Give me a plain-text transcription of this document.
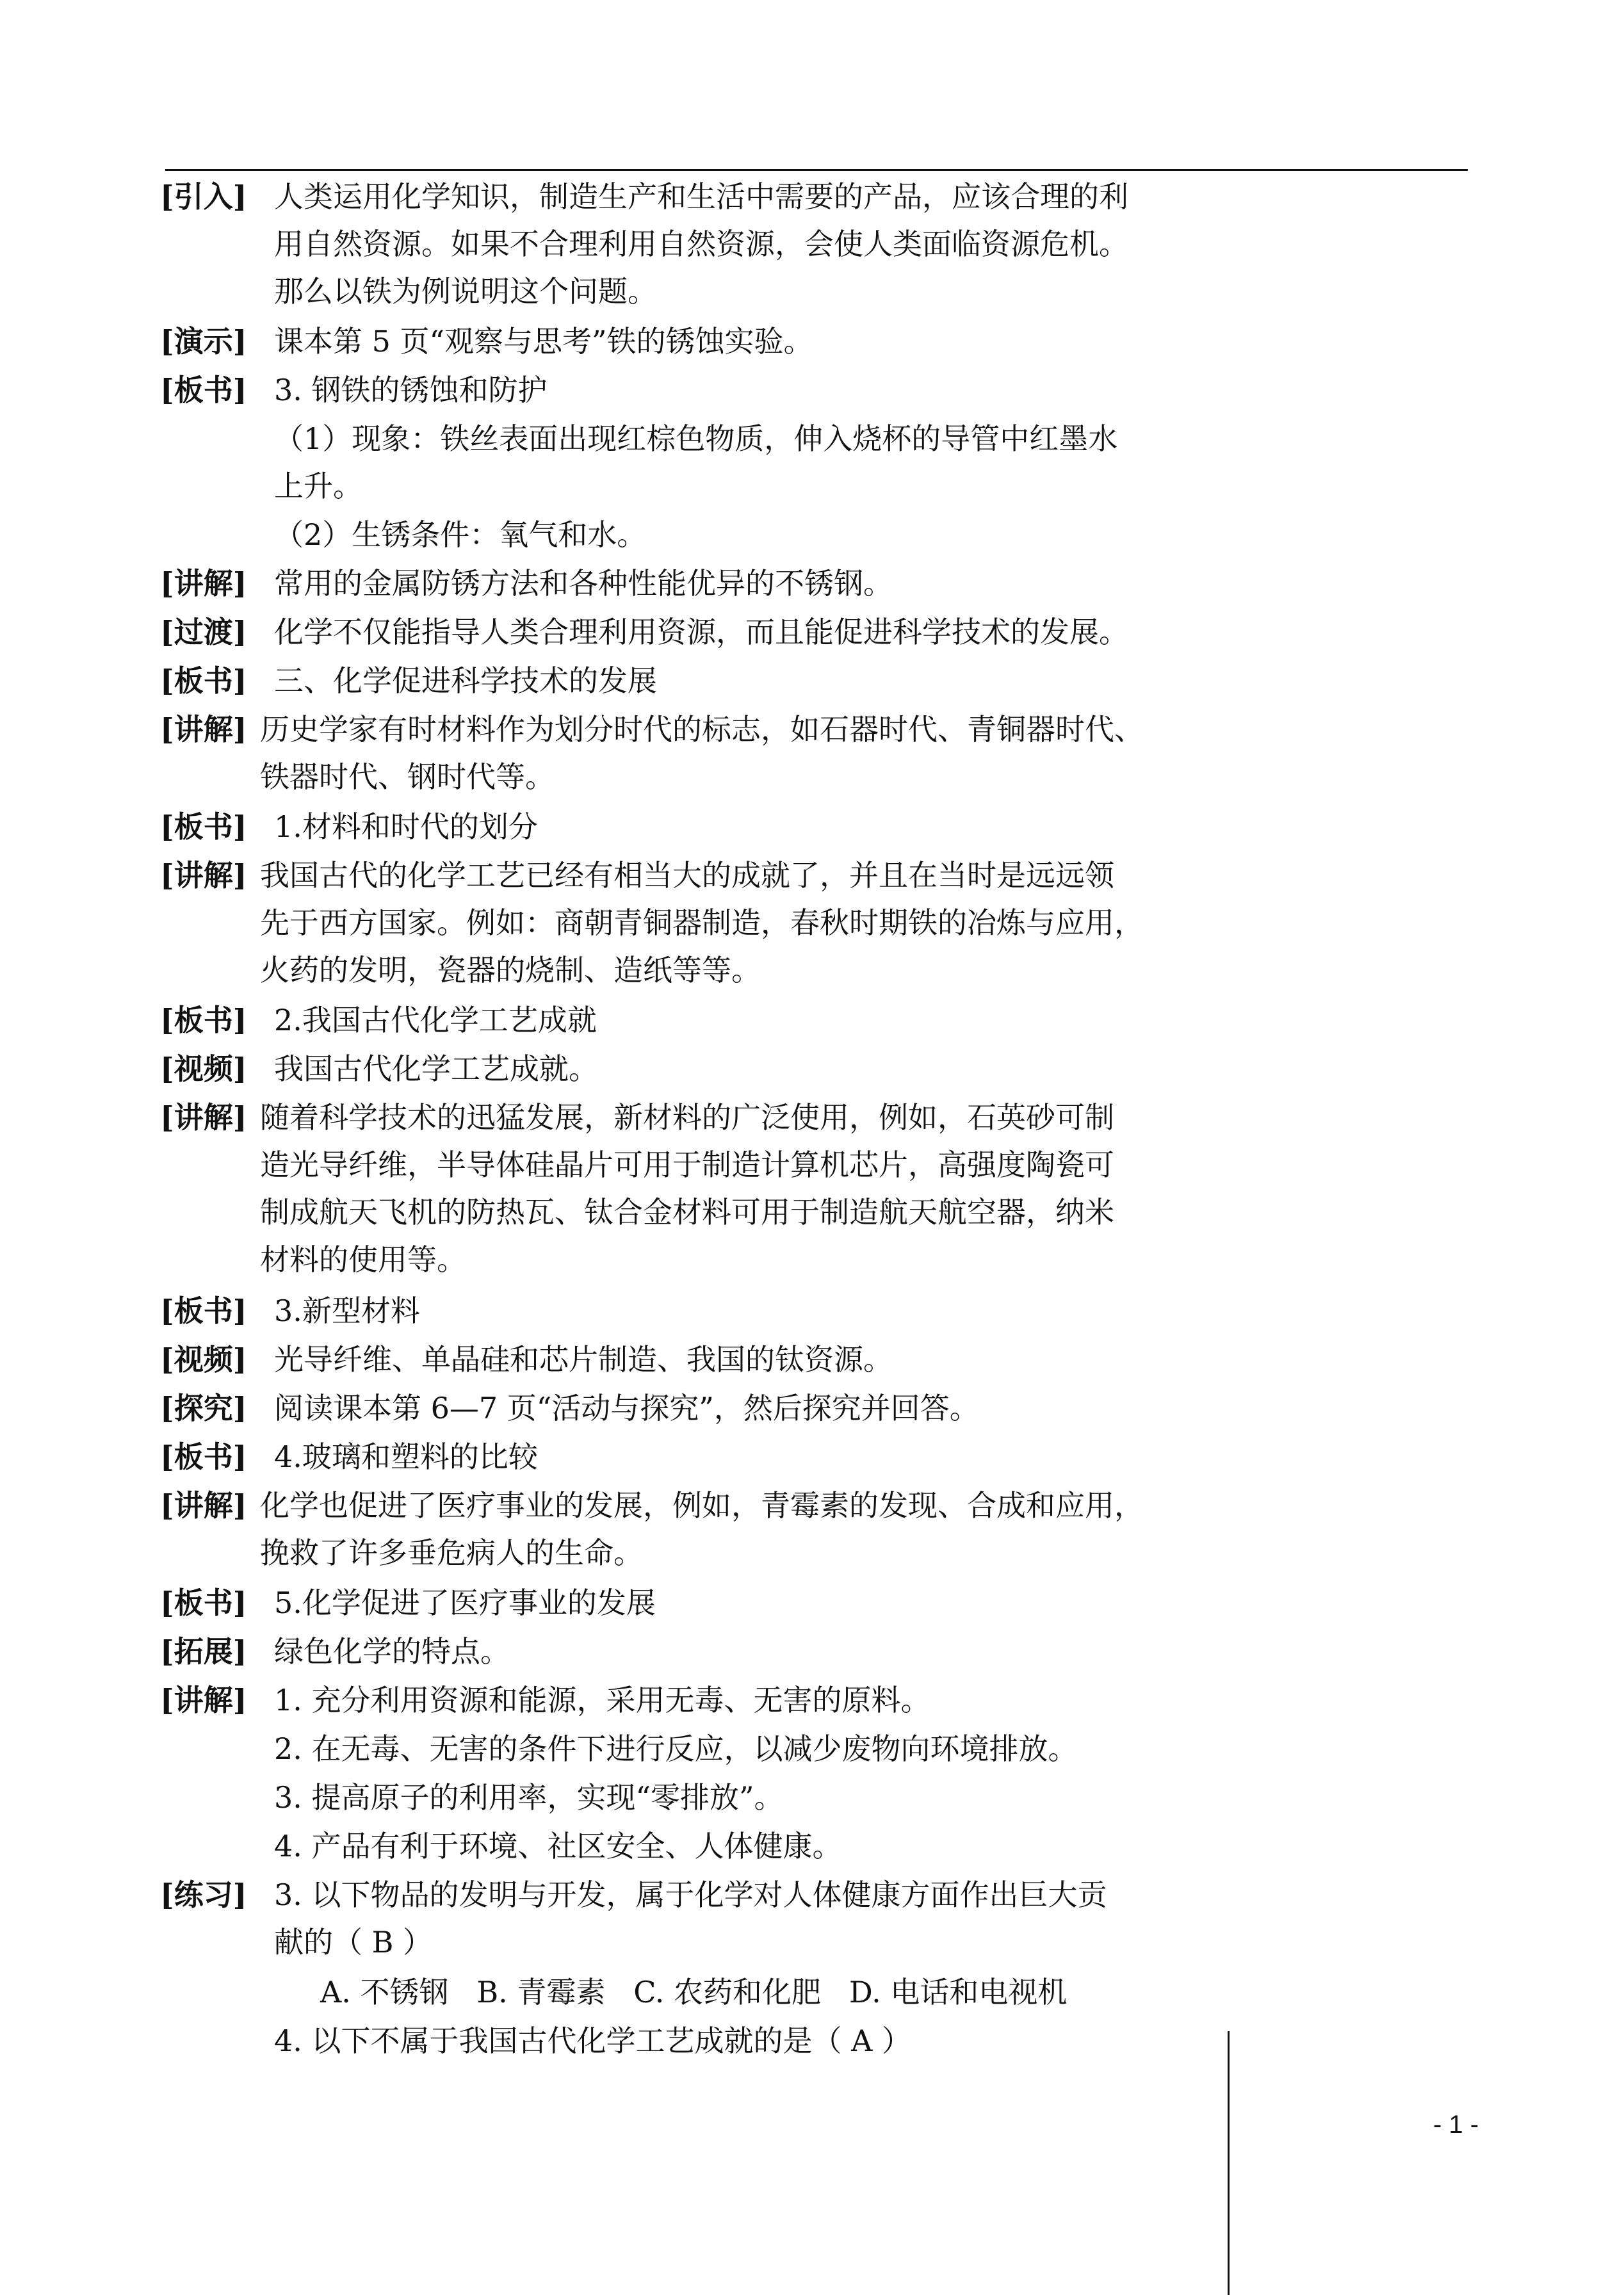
[引入] 人类运用化学知识，制造生产和生活中需要的产品，应该合理的利
用自然资源。如果不合理利用自然资源，会使人类面临资源危机。
那么以铁为例说明这个问题。
[演示] 课本第 5 页“观察与思考”铁的锈蚀实验。
[板书] 3. 钢铁的锈蚀和防护
（1）现象：铁丝表面出现红棕色物质，伸入烧杯的导管中红墨水
上升。
（2）生锈条件：氧气和水。
[讲解] 常用的金属防锈方法和各种性能优异的不锈钢。
[过渡] 化学不仅能指导人类合理利用资源，而且能促进科学技术的发展。
[板书] 三、化学促进科学技术的发展
[讲解] 历史学家有时材料作为划分时代的标志，如石器时代、青铜器时代、
铁器时代、钢时代等。
[板书] 1.材料和时代的划分
[讲解] 我国古代的化学工艺已经有相当大的成就了，并且在当时是远远领
先于西方国家。例如：商朝青铜器制造，春秋时期铁的冶炼与应用，
火药的发明，瓷器的烧制、造纸等等。
[板书] 2.我国古代化学工艺成就
[视频] 我国古代化学工艺成就。
[讲解] 随着科学技术的迅猛发展，新材料的广泛使用，例如，石英砂可制
造光导纤维，半导体硅晶片可用于制造计算机芯片，高强度陶瓷可
制成航天飞机的防热瓦、钛合金材料可用于制造航天航空器，纳米
材料的使用等。
[板书] 3.新型材料
[视频] 光导纤维、单晶硅和芯片制造、我国的钛资源。
[探究] 阅读课本第 6—7 页“活动与探究”，然后探究并回答。
[板书] 4.玻璃和塑料的比较
[讲解] 化学也促进了医疗事业的发展，例如，青霉素的发现、合成和应用，
挽救了许多垂危病人的生命。
[板书] 5.化学促进了医疗事业的发展
[拓展] 绿色化学的特点。
[讲解] 1. 充分利用资源和能源，采用无毒、无害的原料。
2. 在无毒、无害的条件下进行反应，以减少废物向环境排放。
3. 提高原子的利用率，实现“零排放”。
4. 产品有利于环境、社区安全、人体健康。
[练习] 3. 以下物品的发明与开发，属于化学对人体健康方面作出巨大贡
献的（ B ）
A. 不锈钢   B. 青霉素   C. 农药和化肥   D. 电话和电视机
4. 以下不属于我国古代化学工艺成就的是（ A ）
- 1 -
